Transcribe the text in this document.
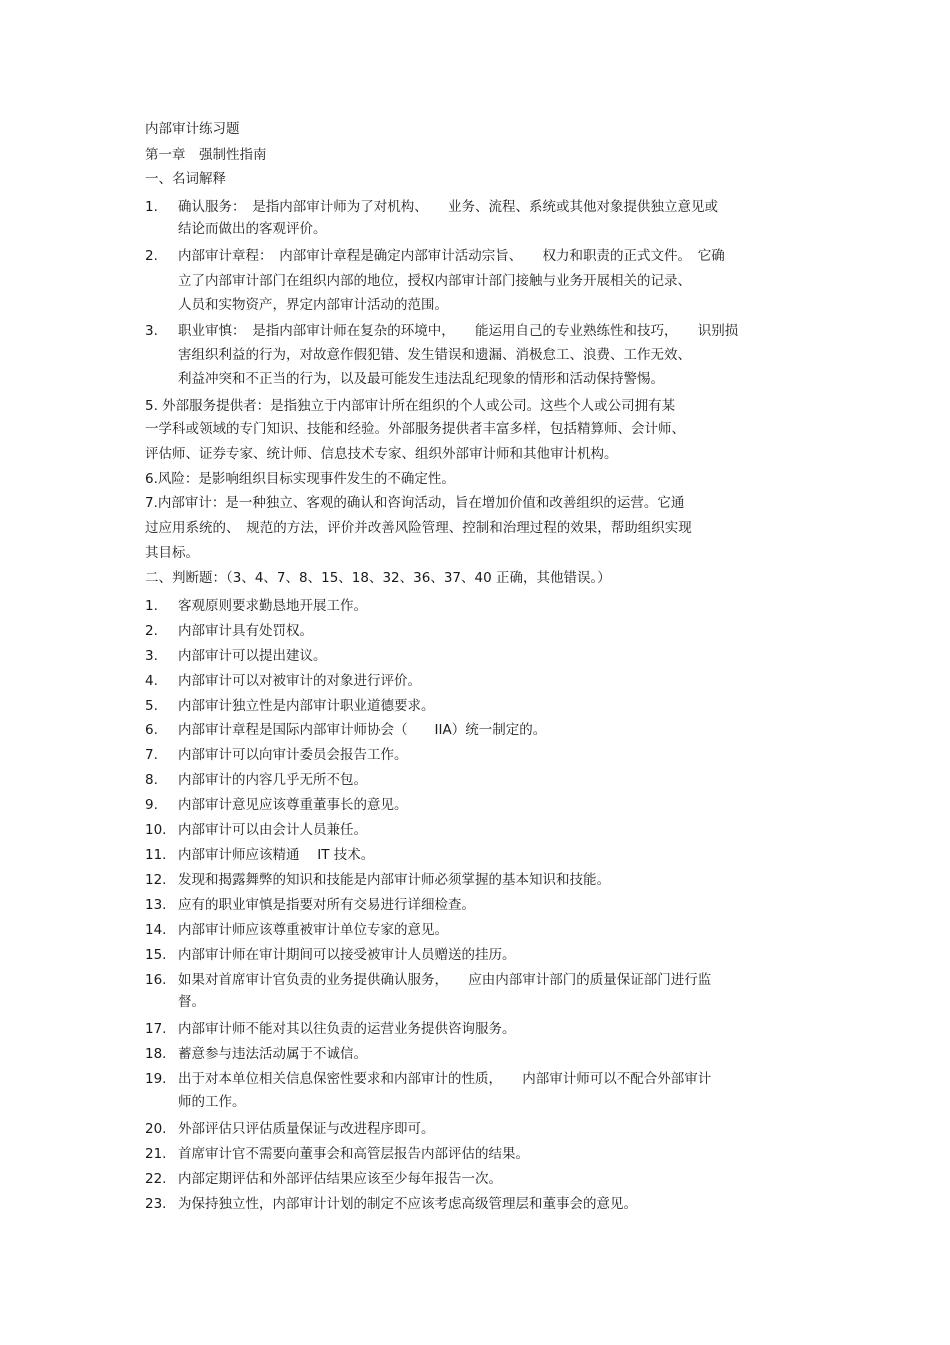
内部审计练习题
第一章　强制性指南
一、名词解释
1. 确认服务：　是指内部审计师为了对机构、　　业务、流程、系统或其他对象提供独立意见或
结论而做出的客观评价。
2. 内部审计章程：　内部审计章程是确定内部审计活动宗旨、　　权力和职责的正式文件。　它确
立了内部审计部门在组织内部的地位，授权内部审计部门接触与业务开展相关的记录、
人员和实物资产，界定内部审计活动的范围。
3. 职业审慎：　是指内部审计师在复杂的环境中，　　能运用自己的专业熟练性和技巧，　　识别损
害组织利益的行为，对故意作假犯错、发生错误和遗漏、消极怠工、浪费、工作无效、
利益冲突和不正当的行为，以及最可能发生违法乱纪现象的情形和活动保持警惕。
5. 外部服务提供者：是指独立于内部审计所在组织的个人或公司。这些个人或公司拥有某
一学科或领域的专门知识、技能和经验。外部服务提供者丰富多样，包括精算师、会计师、
评估师、证券专家、统计师、信息技术专家、组织外部审计师和其他审计机构。
6.风险：是影响组织目标实现事件发生的不确定性。
7.内部审计：是一种独立、客观的确认和咨询活动，旨在增加价值和改善组织的运营。它通
过应用系统的、　规范的方法，评价并改善风险管理、控制和治理过程的效果，帮助组织实现
其目标。
二、判断题：（3、4、7、8、15、18、32、36、37、40 正确，其他错误。）
1. 客观原则要求勤恳地开展工作。
2. 内部审计具有处罚权。
3. 内部审计可以提出建议。
4. 内部审计可以对被审计的对象进行评价。
5. 内部审计独立性是内部审计职业道德要求。
6. 内部审计章程是国际内部审计师协会（　　IIA）统一制定的。
7. 内部审计可以向审计委员会报告工作。
8. 内部审计的内容几乎无所不包。
9. 内部审计意见应该尊重董事长的意见。
10. 内部审计可以由会计人员兼任。
11. 内部审计师应该精通　 IT 技术。
12. 发现和揭露舞弊的知识和技能是内部审计师必须掌握的基本知识和技能。
13. 应有的职业审慎是指要对所有交易进行详细检查。
14. 内部审计师应该尊重被审计单位专家的意见。
15. 内部审计师在审计期间可以接受被审计人员赠送的挂历。
16. 如果对首席审计官负责的业务提供确认服务，　　应由内部审计部门的质量保证部门进行监
督。
17. 内部审计师不能对其以往负责的运营业务提供咨询服务。
18. 蓄意参与违法活动属于不诚信。
19. 出于对本单位相关信息保密性要求和内部审计的性质，　　内部审计师可以不配合外部审计
师的工作。
20. 外部评估只评估质量保证与改进程序即可。
21. 首席审计官不需要向董事会和高管层报告内部评估的结果。
22. 内部定期评估和外部评估结果应该至少每年报告一次。
23. 为保持独立性，内部审计计划的制定不应该考虑高级管理层和董事会的意见。
